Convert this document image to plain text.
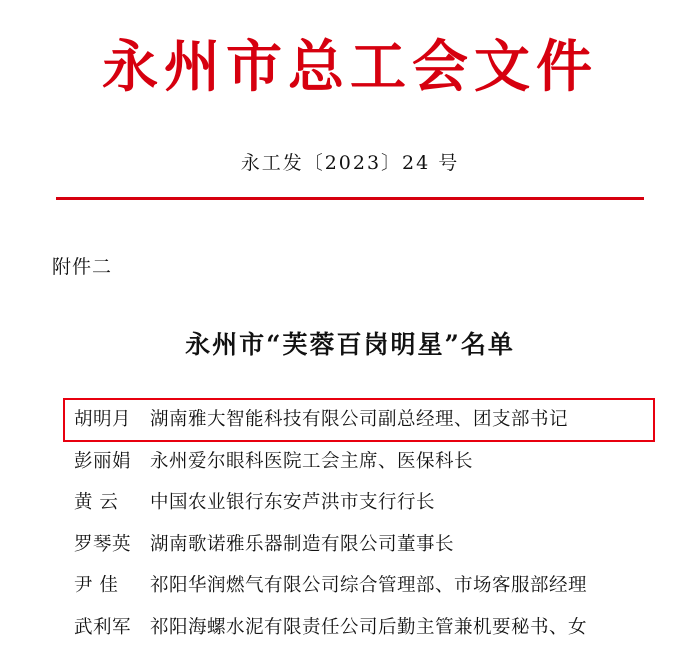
永州市总工会文件

永工发〔2023〕24 号

附件二

永州市“芙蓉百岗明星”名单
胡明月	湖南雅大智能科技有限公司副总经理、团支部书记
彭丽娟	永州爱尔眼科医院工会主席、医保科长
黄 云	中国农业银行东安芦洪市支行行长
罗琴英	湖南歌诺雅乐器制造有限公司董事长
尹 佳	祁阳华润燃气有限公司综合管理部、市场客服部经理
武利军	祁阳海螺水泥有限责任公司后勤主管兼机要秘书、女
